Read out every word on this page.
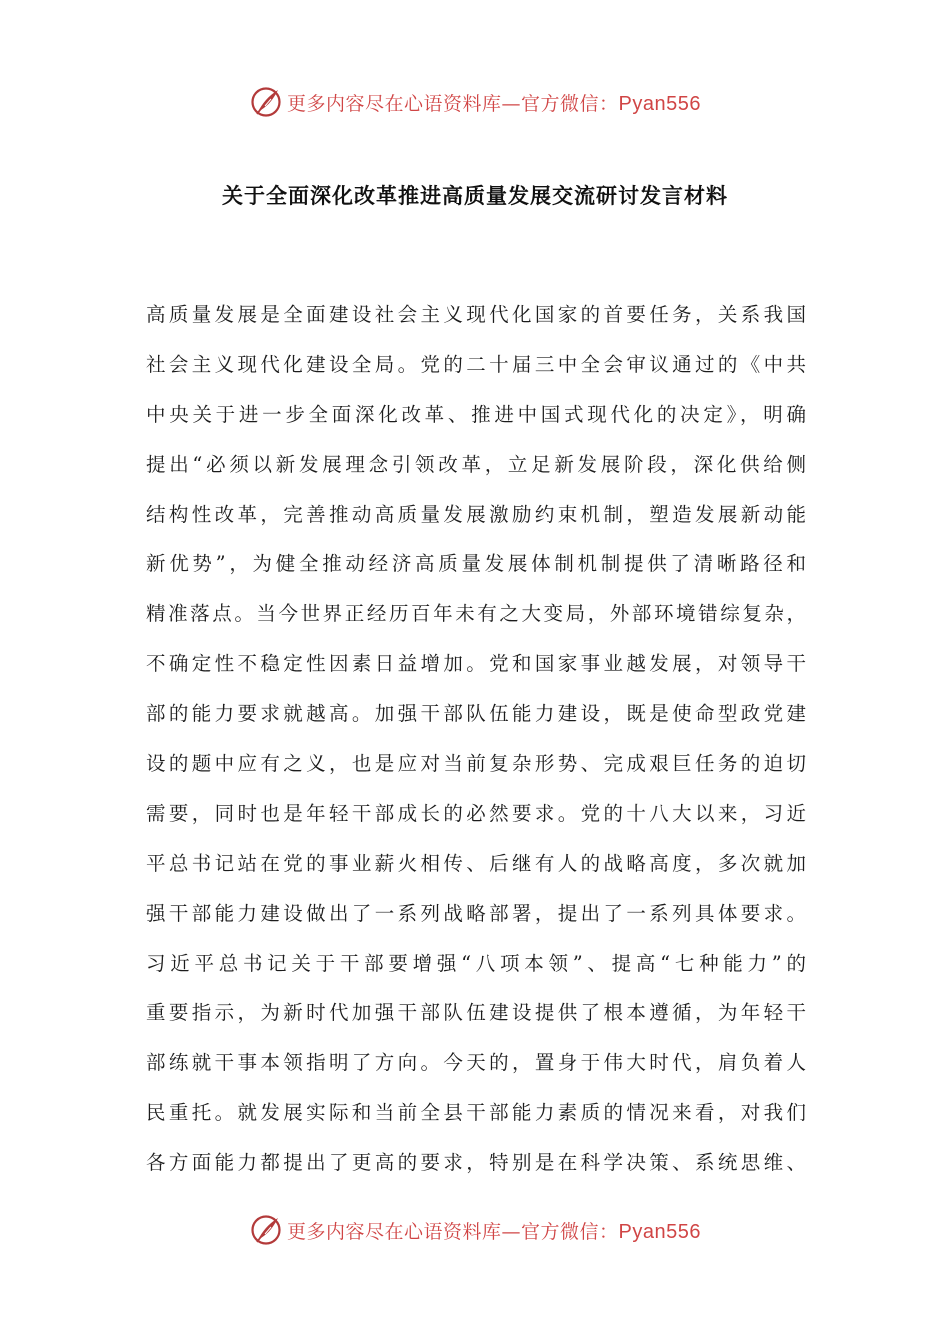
更多内容尽在心语资料库—官方微信：Pyan556
关于全面深化改革推进高质量发展交流研讨发言材料
高质量发展是全面建设社会主义现代化国家的首要任务，关系我国
社会主义现代化建设全局。党的二十届三中全会审议通过的《中共
中央关于进一步全面深化改革、推进中国式现代化的决定》，明确
提出“必须以新发展理念引领改革，立足新发展阶段，深化供给侧
结构性改革，完善推动高质量发展激励约束机制，塑造发展新动能
新优势”，为健全推动经济高质量发展体制机制提供了清晰路径和
精准落点。当今世界正经历百年未有之大变局，外部环境错综复杂，
不确定性不稳定性因素日益增加。党和国家事业越发展，对领导干
部的能力要求就越高。加强干部队伍能力建设，既是使命型政党建
设的题中应有之义，也是应对当前复杂形势、完成艰巨任务的迫切
需要，同时也是年轻干部成长的必然要求。党的十八大以来，习近
平总书记站在党的事业薪火相传、后继有人的战略高度，多次就加
强干部能力建设做出了一系列战略部署，提出了一系列具体要求。
习近平总书记关于干部要增强“八项本领”、提高“七种能力”的
重要指示，为新时代加强干部队伍建设提供了根本遵循，为年轻干
部练就干事本领指明了方向。今天的，置身于伟大时代，肩负着人
民重托。就发展实际和当前全县干部能力素质的情况来看，对我们
各方面能力都提出了更高的要求，特别是在科学决策、系统思维、
更多内容尽在心语资料库—官方微信：Pyan556
